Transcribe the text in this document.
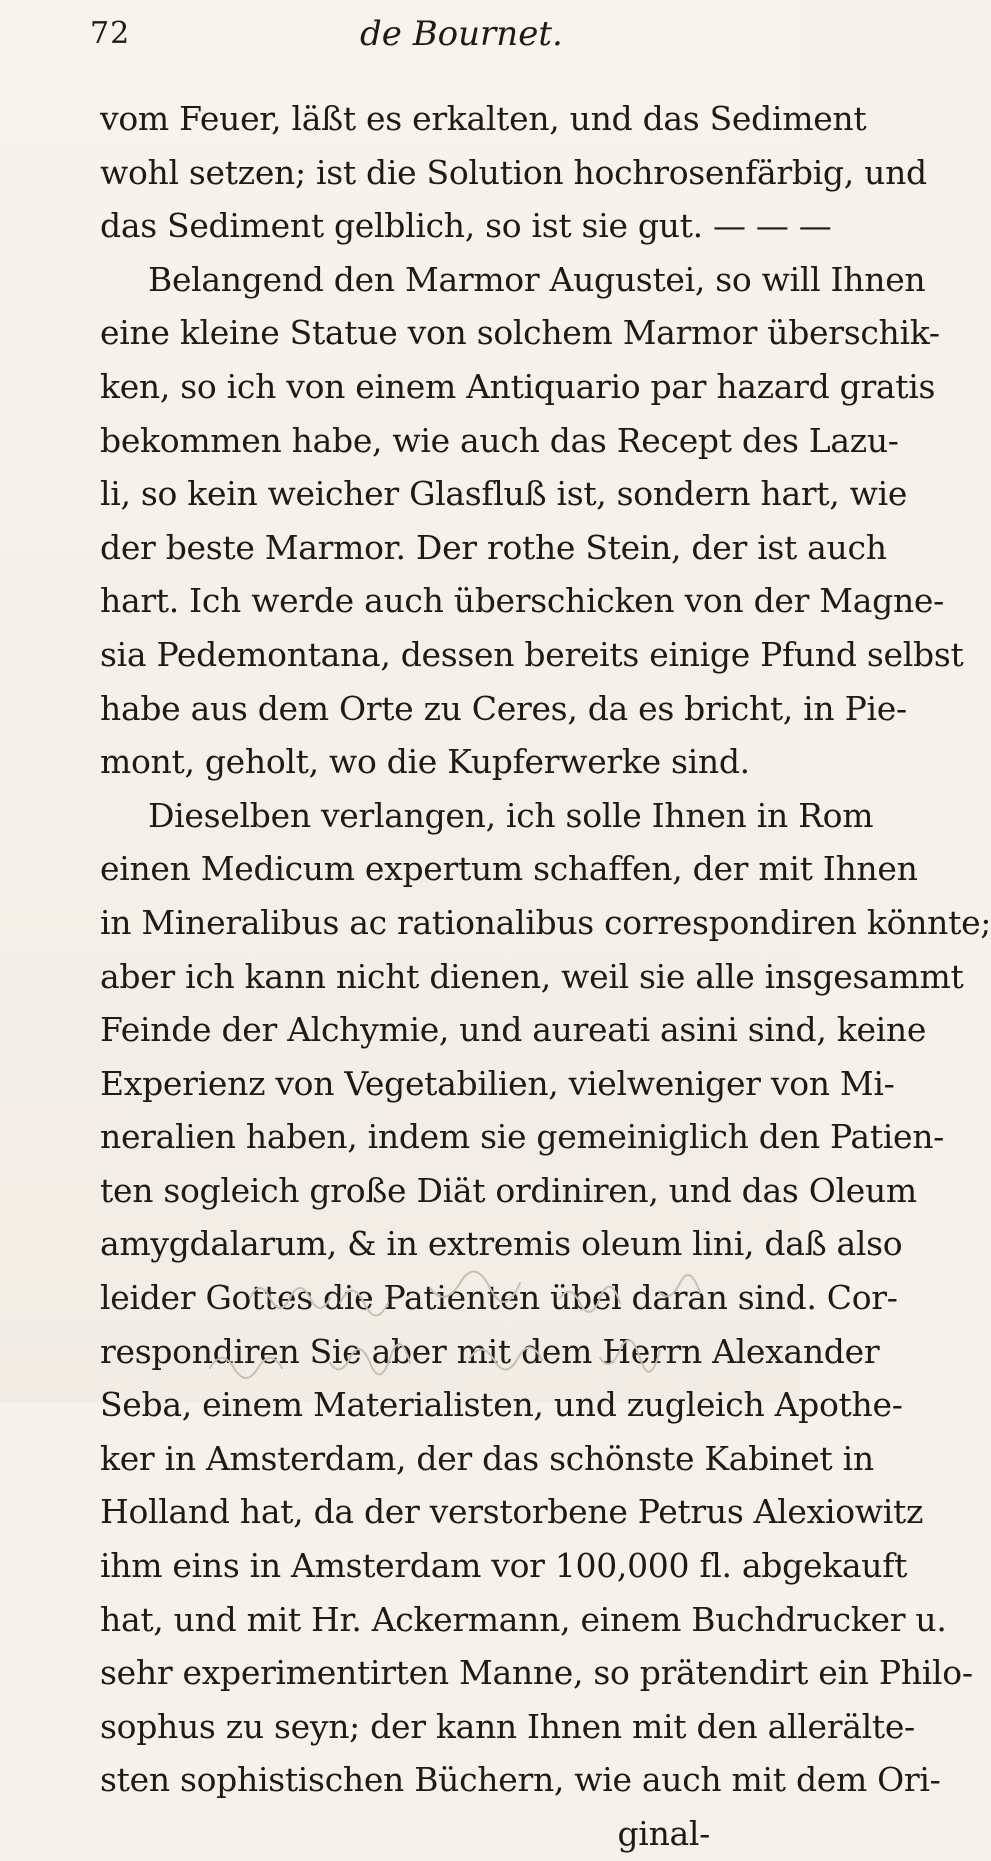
72	de Bournet.
vom Feuer, läßt es erkalten, und das Sediment
wohl setzen; ist die Solution hochrosenfärbig, und
das Sediment gelblich, so ist sie gut. — — —
Belangend den Marmor Augustei, so will Ihnen
eine kleine Statue von solchem Marmor überschik-
ken, so ich von einem Antiquario par hazard gratis
bekommen habe, wie auch das Recept des Lazu-
li, so kein weicher Glasfluß ist, sondern hart, wie
der beste Marmor. Der rothe Stein, der ist auch
hart. Ich werde auch überschicken von der Magne-
sia Pedemontana, dessen bereits einige Pfund selbst
habe aus dem Orte zu Ceres, da es bricht, in Pie-
mont, geholt, wo die Kupferwerke sind.
Dieselben verlangen, ich solle Ihnen in Rom
einen Medicum expertum schaffen, der mit Ihnen
in Mineralibus ac rationalibus correspondiren könnte;
aber ich kann nicht dienen, weil sie alle insgesammt
Feinde der Alchymie, und aureati asini sind, keine
Experienz von Vegetabilien, vielweniger von Mi-
neralien haben, indem sie gemeiniglich den Patien-
ten sogleich große Diät ordiniren, und das Oleum
amygdalarum, & in extremis oleum lini, daß also
leider Gottes die Patienten übel daran sind. Cor-
respondiren Sie aber mit dem Herrn Alexander
Seba, einem Materialisten, und zugleich Apothe-
ker in Amsterdam, der das schönste Kabinet in
Holland hat, da der verstorbene Petrus Alexiowitz
ihm eins in Amsterdam vor 100,000 fl. abgekauft
hat, und mit Hr. Ackermann, einem Buchdrucker u.
sehr experimentirten Manne, so prätendirt ein Philo-
sophus zu seyn; der kann Ihnen mit den allerälte-
sten sophistischen Büchern, wie auch mit dem Ori-
ginal-
